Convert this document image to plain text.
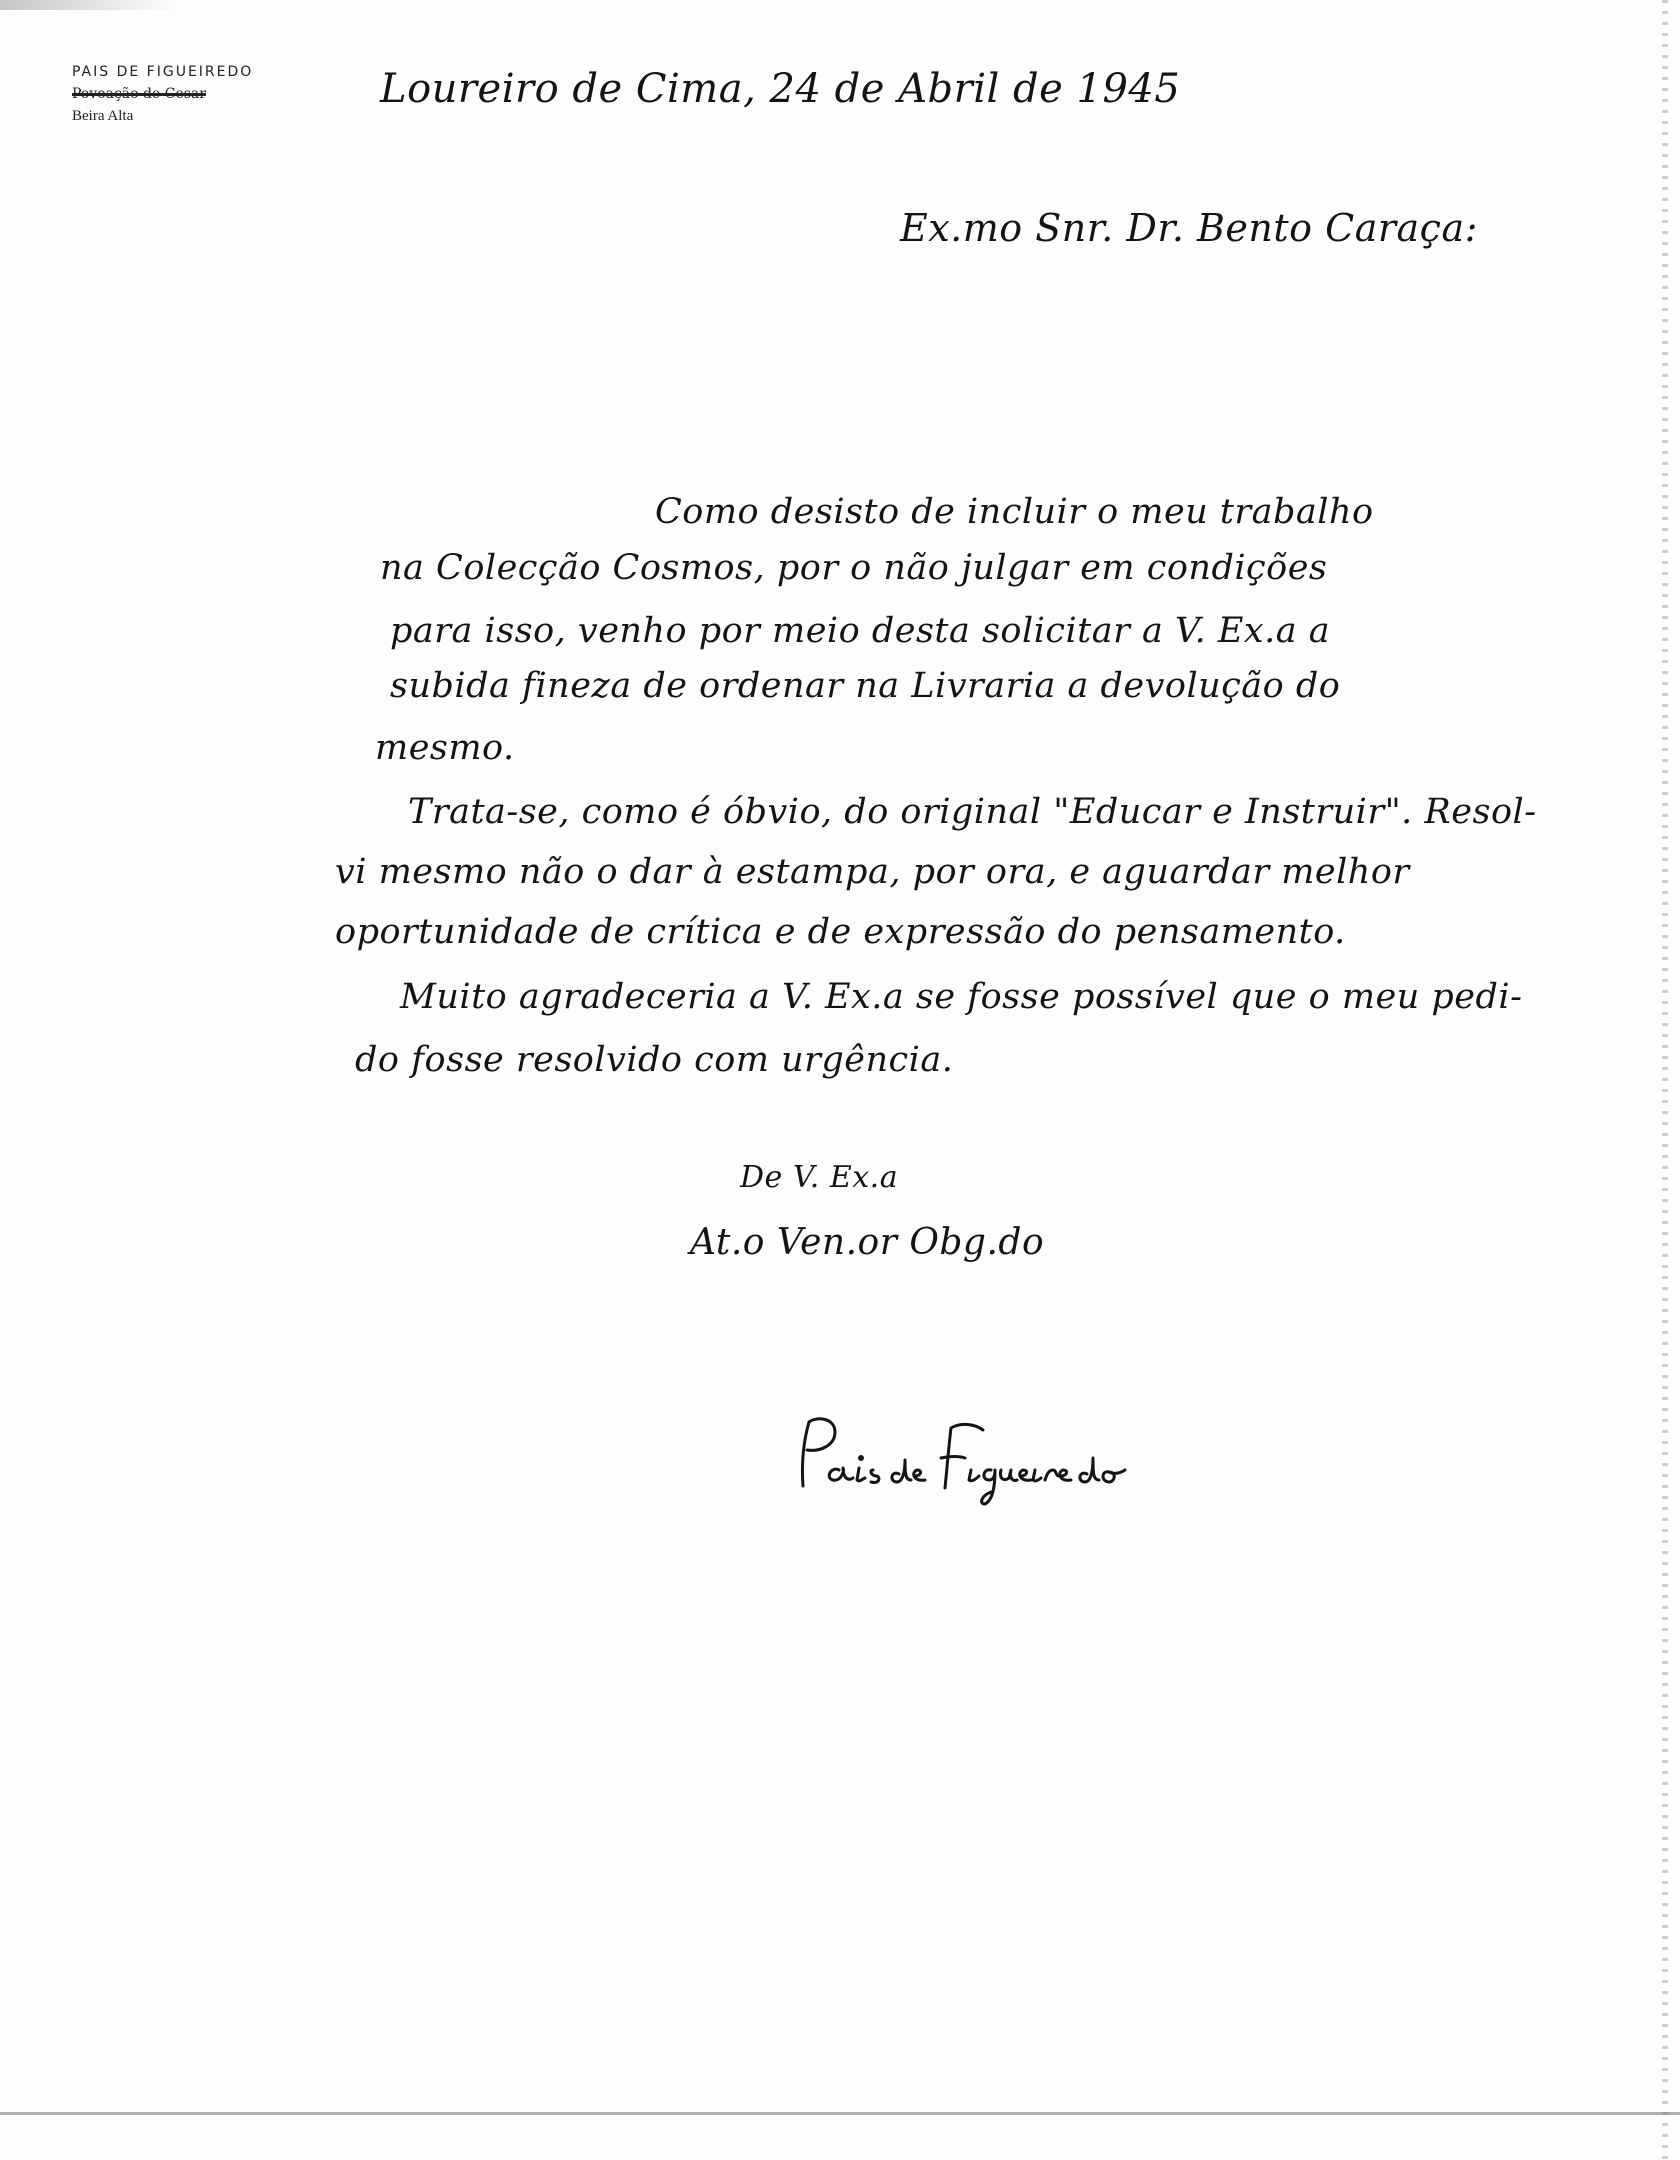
PAIS DE FIGUEIREDO
Povoação de Cesar
Beira Alta
Loureiro de Cima, 24 de Abril de 1945
Ex.mo Snr. Dr. Bento Caraça:
Como desisto de incluir o meu trabalho
na Colecção Cosmos, por o não julgar em condições
para isso, venho por meio desta solicitar a V. Ex.a a
subida fineza de ordenar na Livraria a devolução do
mesmo.
Trata-se, como é óbvio, do original "Educar e Instruir". Resol-
vi mesmo não o dar à estampa, por ora, e aguardar melhor
oportunidade de crítica e de expressão do pensamento.
Muito agradeceria a V. Ex.a se fosse possível que o meu pedi-
do fosse resolvido com urgência.
De V. Ex.a
At.o Ven.or Obg.do
